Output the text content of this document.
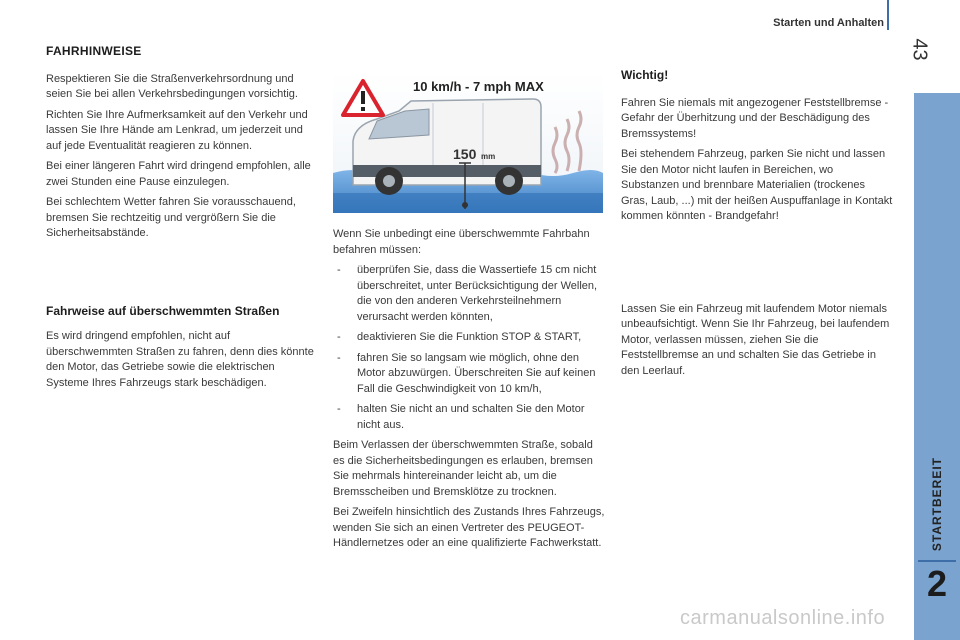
Starten und Anhalten
43
STARTBEREIT
2
FAHRHINWEISE

Respektieren Sie die Straßenverkehrsordnung und seien Sie bei allen Verkehrsbedingungen vorsichtig.

Richten Sie Ihre Aufmerksamkeit auf den Verkehr und lassen Sie Ihre Hände am Lenkrad, um jederzeit und auf jede Eventualität reagieren zu können.

Bei einer längeren Fahrt wird dringend empfohlen, alle zwei Stunden eine Pause einzulegen.

Bei schlechtem Wetter fahren Sie vorausschauend, bremsen Sie rechtzeitig und vergrößern Sie die Sicherheitsabstände.

Fahrweise auf überschwemmten Straßen

Es wird dringend empfohlen, nicht auf überschwemmten Straßen zu fahren, denn dies könnte den Motor, das Getriebe sowie die elektrischen Systeme Ihres Fahrzeugs stark beschädigen.

150 mm
10 km/h - 7 mph MAX

Wenn Sie unbedingt eine überschwemmte Fahrbahn befahren müssen:

- überprüfen Sie, dass die Wassertiefe 15 cm nicht überschreitet, unter Berücksichtigung der Wellen, die von den anderen Verkehrsteilnehmern verursacht werden könnten,
- deaktivieren Sie die Funktion STOP & START,
- fahren Sie so langsam wie möglich, ohne den Motor abzuwürgen. Überschreiten Sie auf keinen Fall die Geschwindigkeit von 10 km/h,
- halten Sie nicht an und schalten Sie den Motor nicht aus.

Beim Verlassen der überschwemmten Straße, sobald es die Sicherheitsbedingungen es erlauben, bremsen Sie mehrmals hintereinander leicht ab, um die Bremsscheiben und Bremsklötze zu trocknen.

Bei Zweifeln hinsichtlich des Zustands Ihres Fahrzeugs, wenden Sie sich an einen Vertreter des PEUGEOT-Händlernetzes oder an eine qualifizierte Fachwerkstatt.

Wichtig!

Fahren Sie niemals mit angezogener Feststellbremse - Gefahr der Überhitzung und der Beschädigung des Bremssystems!

Bei stehendem Fahrzeug, parken Sie nicht und lassen Sie den Motor nicht laufen in Bereichen, wo Substanzen und brennbare Materialien (trockenes Gras, Laub, ...) mit der heißen Auspuffanlage in Kontakt kommen könnten - Brandgefahr!

Lassen Sie ein Fahrzeug mit laufendem Motor niemals unbeaufsichtigt. Wenn Sie Ihr Fahrzeug, bei laufendem Motor, verlassen müssen, ziehen Sie die Feststellbremse an und schalten Sie das Getriebe in den Leerlauf.

carmanualsonline.info
